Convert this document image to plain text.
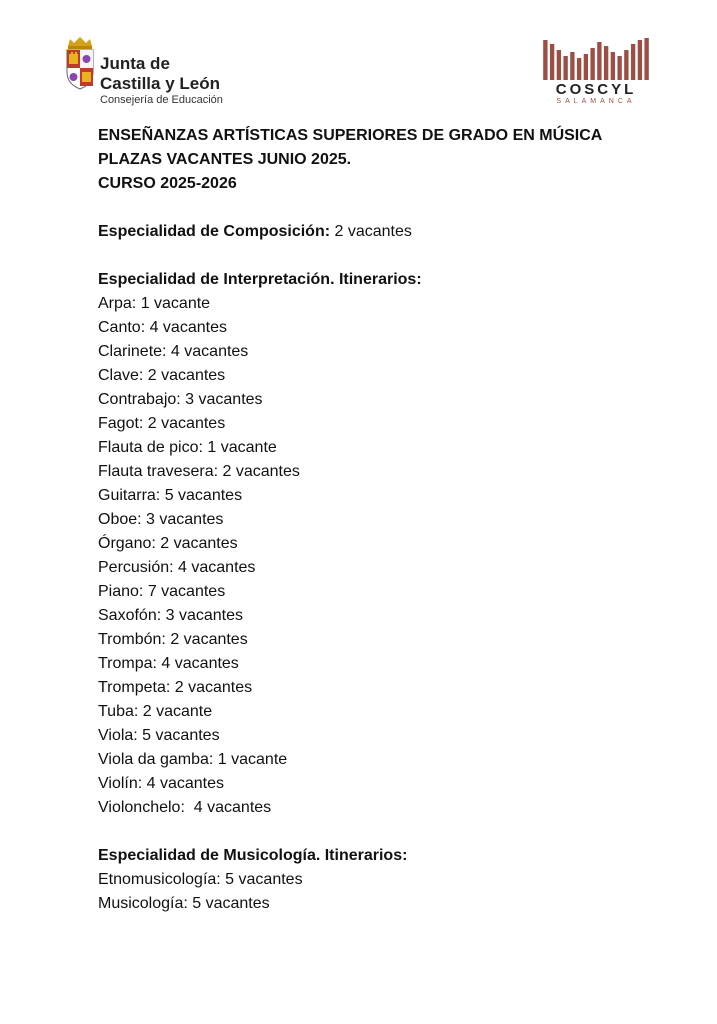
Junta de
Castilla y León
Consejería de Educación
COSCYL
SALAMANCA

ENSEÑANZAS ARTÍSTICAS SUPERIORES DE GRADO EN MÚSICA

PLAZAS VACANTES JUNIO 2025.

CURSO 2025-2026

Especialidad de Composición: 2 vacantes

Especialidad de Interpretación. Itinerarios:

Arpa: 1 vacante

Canto: 4 vacantes

Clarinete: 4 vacantes

Clave: 2 vacantes

Contrabajo: 3 vacantes

Fagot: 2 vacantes

Flauta de pico: 1 vacante

Flauta travesera: 2 vacantes

Guitarra: 5 vacantes

Oboe: 3 vacantes

Órgano: 2 vacantes

Percusión: 4 vacantes

Piano: 7 vacantes

Saxofón: 3 vacantes

Trombón: 2 vacantes

Trompa: 4 vacantes

Trompeta: 2 vacantes

Tuba: 2 vacante

Viola: 5 vacantes

Viola da gamba: 1 vacante

Violín: 4 vacantes

Violonchelo:  4 vacantes

Especialidad de Musicología. Itinerarios:

Etnomusicología: 5 vacantes

Musicología: 5 vacantes
